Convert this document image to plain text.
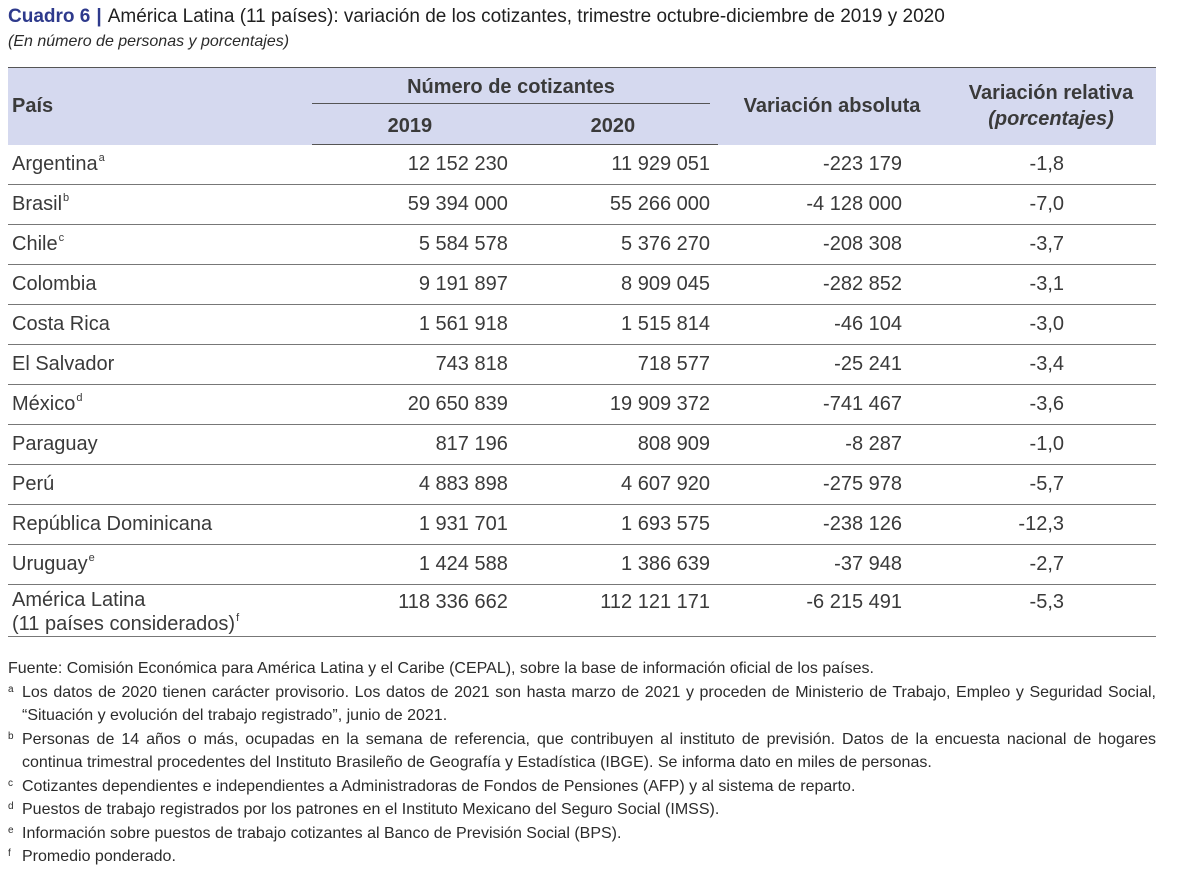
Cuadro 6 | América Latina (11 países): variación de los cotizantes, trimestre octubre-diciembre de 2019 y 2020
(En número de personas y porcentajes)
País	Número de cotizantes		Variación absoluta	Variación relativa
(porcentajes)

	2019	2020		
Argentina$^a$	12 152 230	11 929 051	-223 179	-1,8
Brasil$^b$	59 394 000	55 266 000	-4 128 000	-7,0
Chile$^c$	5 584 578	5 376 270	-208 308	-3,7
Colombia	9 191 897	8 909 045	-282 852	-3,1
Costa Rica	1 561 918	1 515 814	-46 104	-3,0
El Salvador	743 818	718 577	-25 241	-3,4
México$^d$	20 650 839	19 909 372	-741 467	-3,6
Paraguay	817 196	808 909	-8 287	-1,0
Perú	4 883 898	4 607 920	-275 978	-5,7
República Dominicana	1 931 701	1 693 575	-238 126	-12,3
Uruguay$^e$	1 424 588	1 386 639	-37 948	-2,7

América Latina
(11 países considerados)$^f$	118 336 662	112 121 171	-6 215 491	-5,3
Fuente: Comisión Económica para América Latina y el Caribe (CEPAL), sobre la base de información oficial de los países.
a Los datos de 2020 tienen carácter provisorio. Los datos de 2021 son hasta marzo de 2021 y proceden de Ministerio de Trabajo, Empleo y Seguridad Social, “Situación y evolución del trabajo registrado”, junio de 2021.
b Personas de 14 años o más, ocupadas en la semana de referencia, que contribuyen al instituto de previsión. Datos de la encuesta nacional de hogares continua trimestral procedentes del Instituto Brasileño de Geografía y Estadística (IBGE). Se informa dato en miles de personas.
c Cotizantes dependientes e independientes a Administradoras de Fondos de Pensiones (AFP) y al sistema de reparto.
d Puestos de trabajo registrados por los patrones en el Instituto Mexicano del Seguro Social (IMSS).
e Información sobre puestos de trabajo cotizantes al Banco de Previsión Social (BPS).
f Promedio ponderado.
